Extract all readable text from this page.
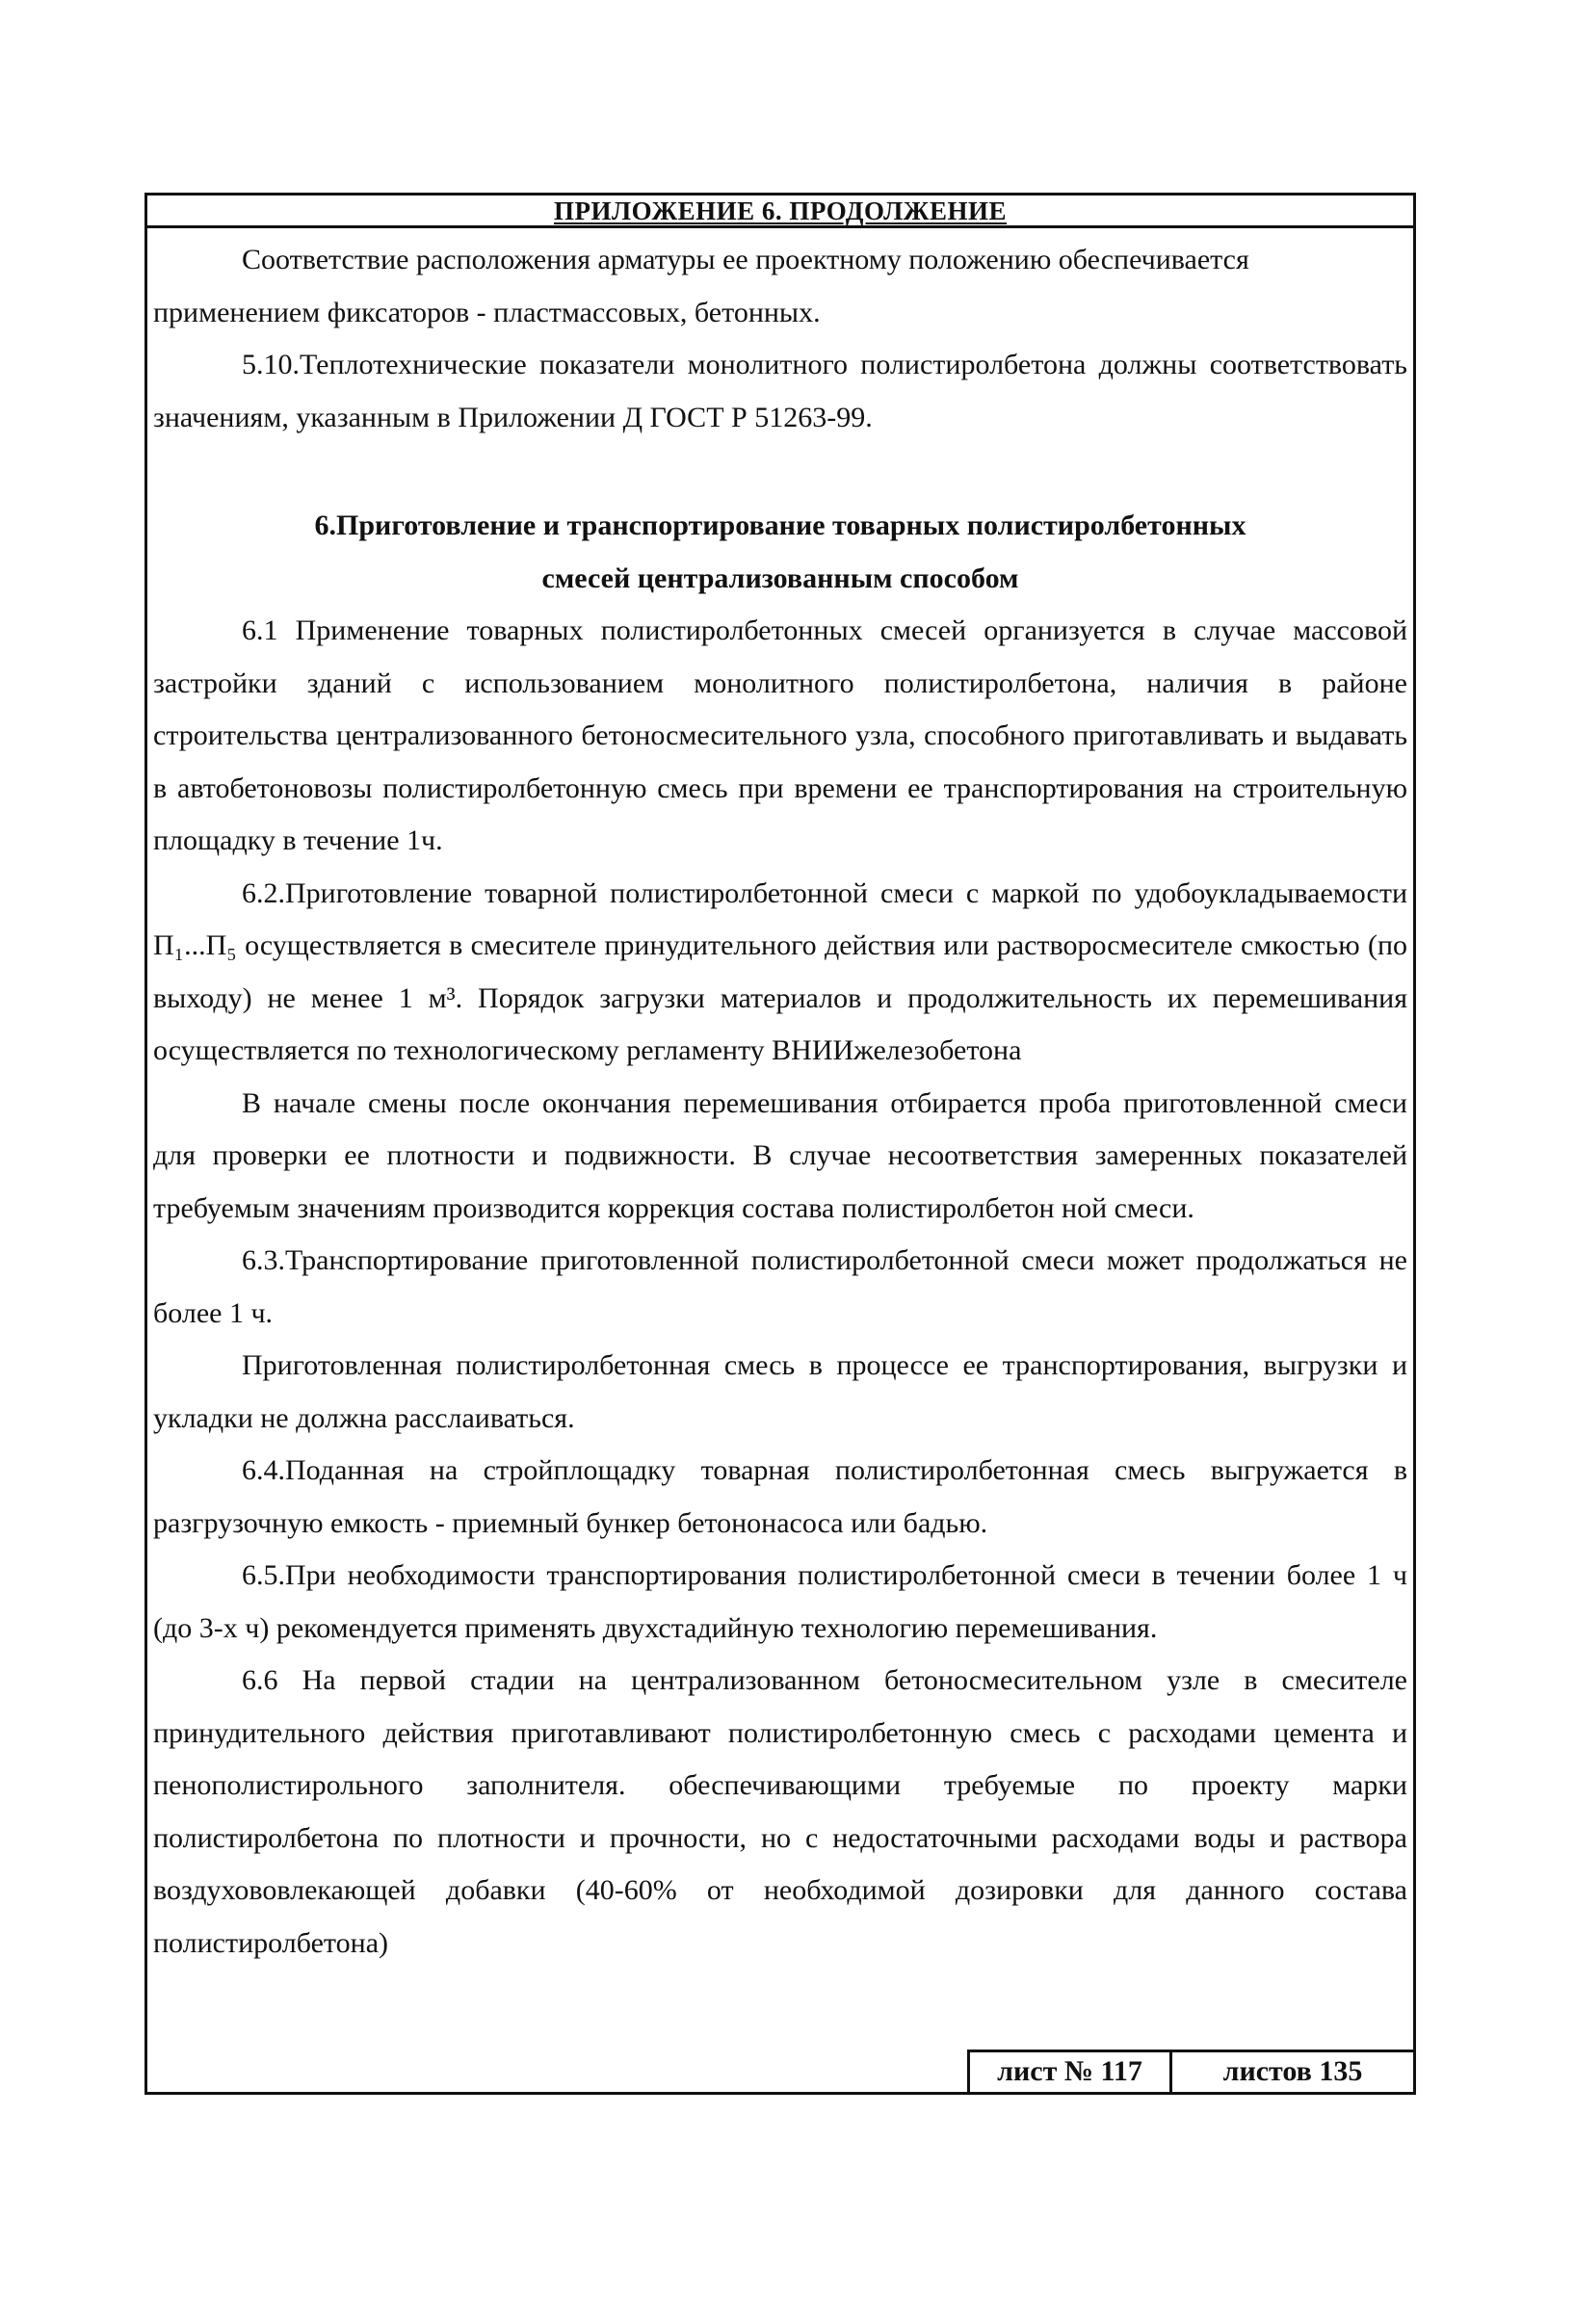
ПРИЛОЖЕНИЕ 6. ПРОДОЛЖЕНИЕ

Соответствие расположения арматуры ее проектному положению обеспечивается

применением фиксаторов - пластмассовых, бетонных.

5.10.Теплотехнические показатели монолитного полистиролбетона должны соответствовать значениям, указанным в Приложении Д ГОСТ Р 51263-99.

6.Приготовление и транспортирование товарных полистиролбетонных

смесей централизованным способом

6.1 Применение товарных полистиролбетонных смесей организуется в случае массовой застройки зданий с использованием монолитного полистиролбетона, наличия в районе строительства централизованного бетоносмесительного узла, способного приготавливать и выдавать в автобетоновозы полистиролбетонную смесь при времени ее транспортирования на строительную площадку в течение 1ч.

6.2.Приготовление товарной полистиролбетонной смеси с маркой по удобоукладываемости П₁...П₅ осуществляется в смесителе принудительного действия или растворосмесителе смкостью (по выходу) не менее 1 м³. Порядок загрузки материалов и продолжительность их перемешивания осуществляется по технологическому регламенту ВНИИжелезобетона

В начале смены после окончания перемешивания отбирается проба приготовленной смеси для проверки ее плотности и подвижности. В случае несоответствия замеренных показателей требуемым значениям производится коррекция состава полистиролбетон ной смеси.

6.3.Транспортирование приготовленной полистиролбетонной смеси может продолжаться не более 1 ч.

Приготовленная полистиролбетонная смесь в процессе ее транспортирования, выгрузки и укладки не должна расслаиваться.

6.4.Поданная на стройплощадку товарная полистиролбетонная смесь выгружается в разгрузочную емкость - приемный бункер бетононасоса или бадью.

6.5.При необходимости транспортирования полистиролбетонной смеси в течении более 1 ч (до 3-х ч) рекомендуется применять двухстадийную технологию перемешивания.

6.6 На первой стадии на централизованном бетоносмесительном узле в смесителе принудительного действия приготавливают полистиролбетонную смесь с расходами цемента и пенополистирольного заполнителя. обеспечивающими требуемые по проекту марки полистиролбетона по плотности и прочности, но с недостаточными расходами воды и раствора воздухововлекающей добавки (40-60% от необходимой дозировки для данного состава полистиролбетона)

лист № 117	листов 135
